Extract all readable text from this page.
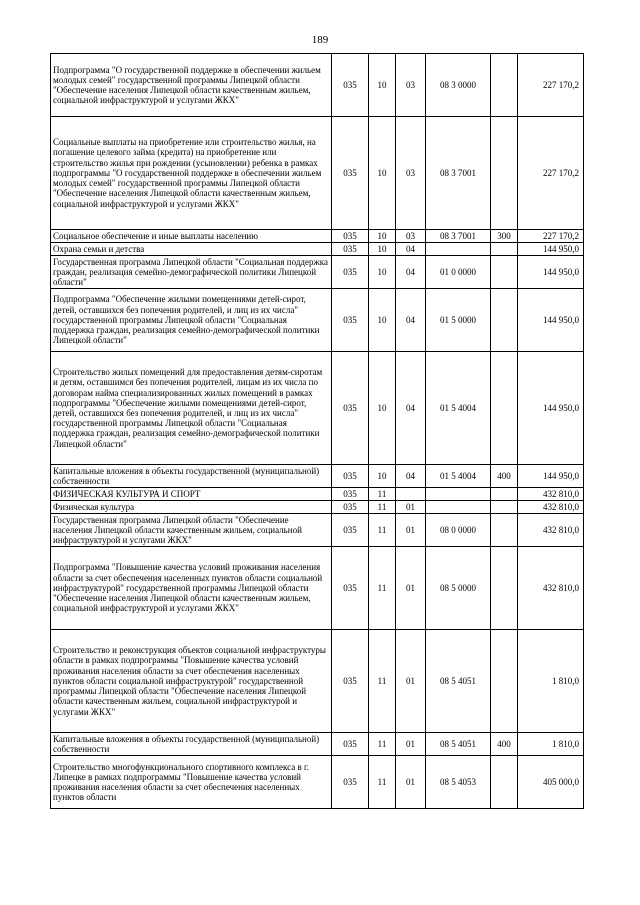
189
Подпрограмма "О государственной поддержке в обеспечении жильем молодых семей" государственной программы Липецкой области "Обеспечение населения Липецкой области качественным жильем, социальной инфраструктурой и услугами ЖКХ"	035	10	03	08 3 0000		227 170,2
Социальные выплаты на приобретение или строительство жилья, на погашение целевого займа (кредита) на приобретение или строительство жилья при рождении (усыновлении) ребенка в рамках подпрограммы "О государственной поддержке в обеспечении жильем молодых семей" государственной программы Липецкой области "Обеспечение населения Липецкой области качественным жильем, социальной инфраструктурой и услугами ЖКХ"	035	10	03	08 3 7001		227 170,2
Социальное обеспечение и иные выплаты населению	035	10	03	08 3 7001	300	227 170,2
Охрана семьи и детства	035	10	04			144 950,0
Государственная программа Липецкой области "Социальная поддержка граждан, реализация семейно-демографической политики Липецкой области"	035	10	04	01 0 0000		144 950,0
Подпрограмма "Обеспечение жилыми помещениями детей-сирот, детей, оставшихся без попечения родителей, и лиц из их числа" государственной программы Липецкой области "Социальная поддержка граждан, реализация семейно-демографической политики Липецкой области"	035	10	04	01 5 0000		144 950,0
Строительство жилых помещений для предоставления детям-сиротам и детям, оставшимся без попечения родителей, лицам из их числа по договорам найма специализированных жилых помещений в рамках подпрограммы "Обеспечение жилыми помещениями детей-сирот, детей, оставшихся без попечения родителей, и лиц из их числа" государственной программы Липецкой области "Социальная поддержка граждан, реализация семейно-демографической политики Липецкой области"	035	10	04	01 5 4004		144 950,0
Капитальные вложения в объекты государственной (муниципальной) собственности	035	10	04	01 5 4004	400	144 950,0
ФИЗИЧЕСКАЯ КУЛЬТУРА И СПОРТ	035	11				432 810,0
Физическая культура	035	11	01			432 810,0
Государственная программа Липецкой области "Обеспечение населения Липецкой области качественным жильем, социальной инфраструктурой и услугами ЖКХ"	035	11	01	08 0 0000		432 810,0
Подпрограмма "Повышение качества условий проживания населения области за счет обеспечения населенных пунктов области социальной инфраструктурой" государственной программы Липецкой области "Обеспечение населения Липецкой области качественным жильем, социальной инфраструктурой и услугами ЖКХ"	035	11	01	08 5 0000		432 810,0
Строительство и реконструкция объектов социальной инфраструктуры области в рамках подпрограммы "Повышение качества условий проживания населения области за счет обеспечения населенных пунктов области социальной инфраструктурой" государственной программы Липецкой области "Обеспечение населения Липецкой области качественным жильем, социальной инфраструктурой и услугами ЖКХ"	035	11	01	08 5 4051		1 810,0
Капитальные вложения в объекты государственной (муниципальной) собственности	035	11	01	08 5 4051	400	1 810,0
Строительство многофункционального спортивного комплекса в г. Липецке в рамках подпрограммы "Повышение качества условий проживания населения области за счет обеспечения населенных пунктов области	035	11	01	08 5 4053		405 000,0
